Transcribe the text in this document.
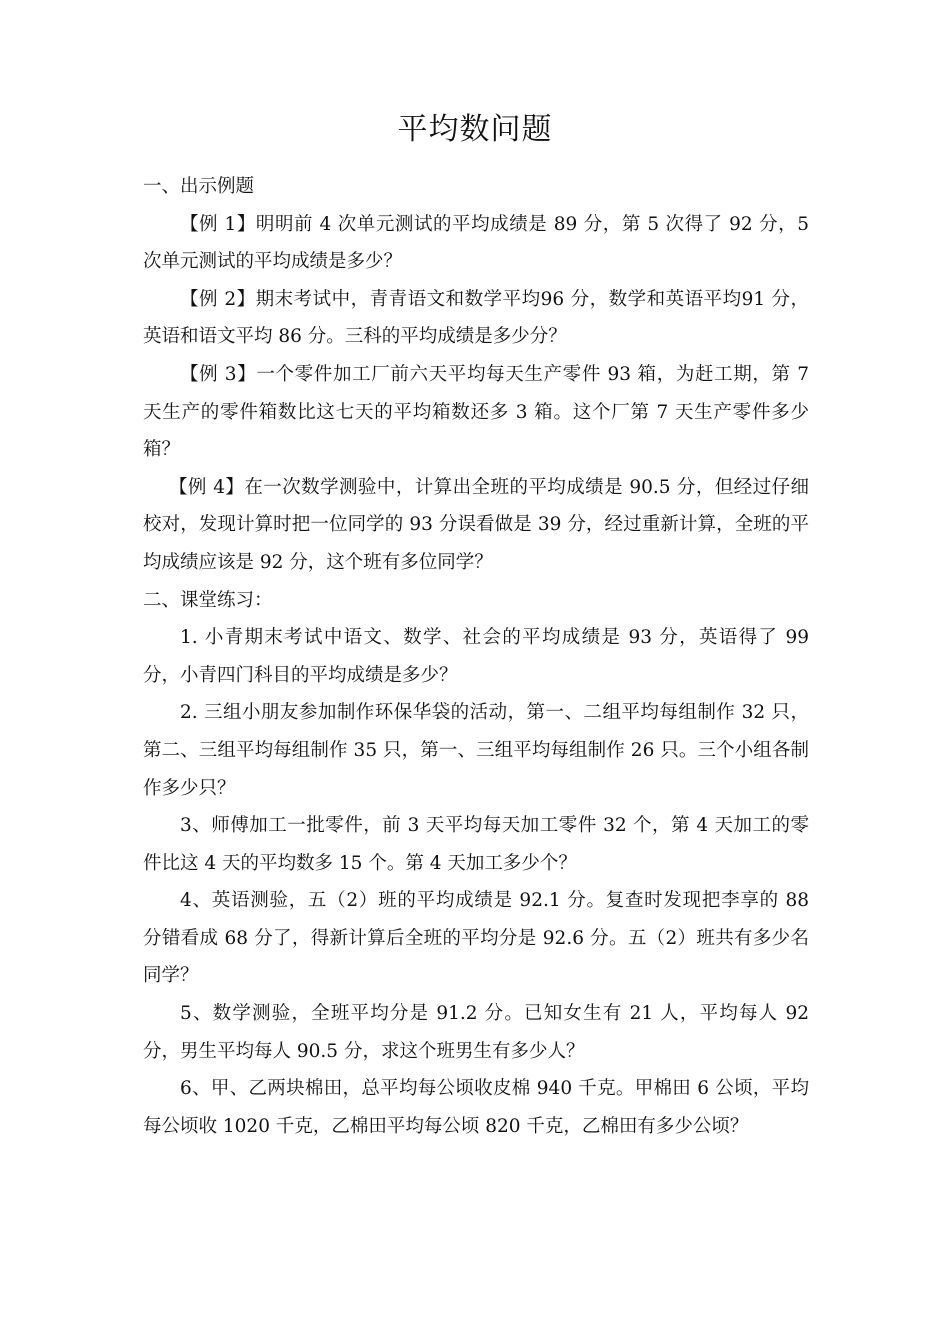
平均数问题

一、出示例题

【例 1】明明前 4 次单元测试的平均成绩是 89 分，第 5 次得了 92 分，5 次单元测试的平均成绩是多少？

【例 2】期末考试中，青青语文和数学平均96 分，数学和英语平均91 分，英语和语文平均 86 分。三科的平均成绩是多少分？

【例 3】一个零件加工厂前六天平均每天生产零件 93 箱，为赶工期，第 7 天生产的零件箱数比这七天的平均箱数还多 3 箱。这个厂第 7 天生产零件多少箱？

【例 4】在一次数学测验中，计算出全班的平均成绩是 90.5 分，但经过仔细校对，发现计算时把一位同学的 93 分误看做是 39 分，经过重新计算，全班的平均成绩应该是 92 分，这个班有多位同学？

二、课堂练习：

1. 小青期末考试中语文、数学、社会的平均成绩是 93 分，英语得了 99 分，小青四门科目的平均成绩是多少？

2. 三组小朋友参加制作环保华袋的活动，第一、二组平均每组制作 32 只，第二、三组平均每组制作 35 只，第一、三组平均每组制作 26 只。三个小组各制作多少只？

3、师傅加工一批零件，前 3 天平均每天加工零件 32 个，第 4 天加工的零件比这 4 天的平均数多 15 个。第 4 天加工多少个？

4、英语测验，五（2）班的平均成绩是 92.1 分。复查时发现把李享的 88 分错看成 68 分了，得新计算后全班的平均分是 92.6 分。五（2）班共有多少名同学？

5、数学测验，全班平均分是 91.2 分。已知女生有 21 人，平均每人 92 分，男生平均每人 90.5 分，求这个班男生有多少人？

6、甲、乙两块棉田，总平均每公顷收皮棉 940 千克。甲棉田 6 公顷，平均每公顷收 1020 千克，乙棉田平均每公顷 820 千克，乙棉田有多少公顷？
